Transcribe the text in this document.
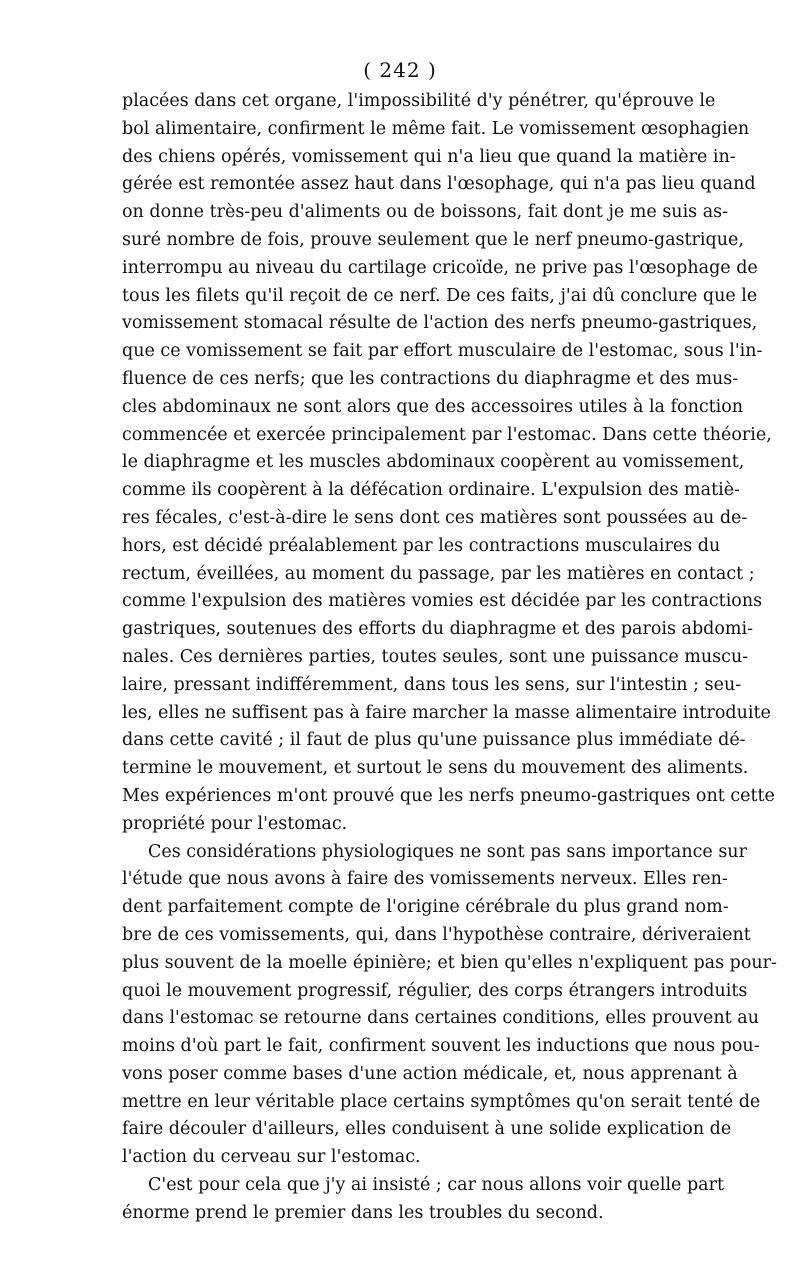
( 242 )
placées dans cet organe, l'impossibilité d'y pénétrer, qu'éprouve le
bol alimentaire, confirment le même fait. Le vomissement œsophagien
des chiens opérés, vomissement qui n'a lieu que quand la matière in-
gérée est remontée assez haut dans l'œsophage, qui n'a pas lieu quand
on donne très-peu d'aliments ou de boissons, fait dont je me suis as-
suré nombre de fois, prouve seulement que le nerf pneumo-gastrique,
interrompu au niveau du cartilage cricoïde, ne prive pas l'œsophage de
tous les filets qu'il reçoit de ce nerf. De ces faits, j'ai dû conclure que le
vomissement stomacal résulte de l'action des nerfs pneumo-gastriques,
que ce vomissement se fait par effort musculaire de l'estomac, sous l'in-
fluence de ces nerfs; que les contractions du diaphragme et des mus-
cles abdominaux ne sont alors que des accessoires utiles à la fonction
commencée et exercée principalement par l'estomac. Dans cette théorie,
le diaphragme et les muscles abdominaux coopèrent au vomissement,
comme ils coopèrent à la défécation ordinaire. L'expulsion des matiè-
res fécales, c'est-à-dire le sens dont ces matières sont poussées au de-
hors, est décidé préalablement par les contractions musculaires du
rectum, éveillées, au moment du passage, par les matières en contact ;
comme l'expulsion des matières vomies est décidée par les contractions
gastriques, soutenues des efforts du diaphragme et des parois abdomi-
nales. Ces dernières parties, toutes seules, sont une puissance muscu-
laire, pressant indifféremment, dans tous les sens, sur l'intestin ; seu-
les, elles ne suffisent pas à faire marcher la masse alimentaire introduite
dans cette cavité ; il faut de plus qu'une puissance plus immédiate dé-
termine le mouvement, et surtout le sens du mouvement des aliments.
Mes expériences m'ont prouvé que les nerfs pneumo-gastriques ont cette
propriété pour l'estomac.
Ces considérations physiologiques ne sont pas sans importance sur
l'étude que nous avons à faire des vomissements nerveux. Elles ren-
dent parfaitement compte de l'origine cérébrale du plus grand nom-
bre de ces vomissements, qui, dans l'hypothèse contraire, dériveraient
plus souvent de la moelle épinière; et bien qu'elles n'expliquent pas pour-
quoi le mouvement progressif, régulier, des corps étrangers introduits
dans l'estomac se retourne dans certaines conditions, elles prouvent au
moins d'où part le fait, confirment souvent les inductions que nous pou-
vons poser comme bases d'une action médicale, et, nous apprenant à
mettre en leur véritable place certains symptômes qu'on serait tenté de
faire découler d'ailleurs, elles conduisent à une solide explication de
l'action du cerveau sur l'estomac.
C'est pour cela que j'y ai insisté ; car nous allons voir quelle part
énorme prend le premier dans les troubles du second.
